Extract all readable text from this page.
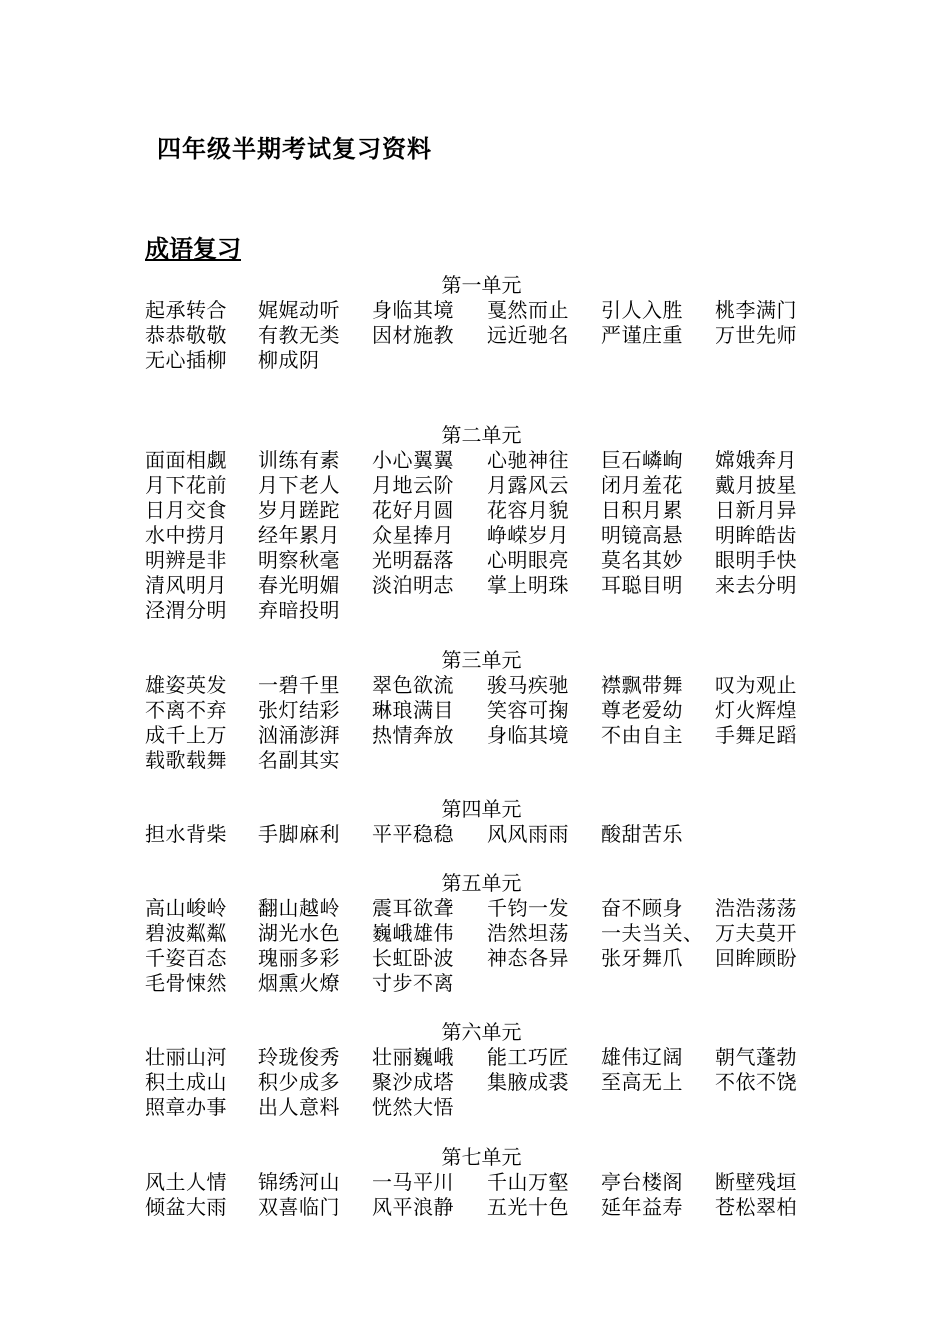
四年级半期考试复习资料
成语复习
第一单元
起承转合 娓娓动听 身临其境 戛然而止 引人入胜 桃李满门
恭恭敬敬 有教无类 因材施教 远近驰名 严谨庄重 万世先师
无心插柳 柳成阴
第二单元
面面相觑 训练有素 小心翼翼 心驰神往 巨石嶙峋 嫦娥奔月
月下花前 月下老人 月地云阶 月露风云 闭月羞花 戴月披星
日月交食 岁月蹉跎 花好月圆 花容月貌 日积月累 日新月异
水中捞月 经年累月 众星捧月 峥嵘岁月 明镜高悬 明眸皓齿
明辨是非 明察秋毫 光明磊落 心明眼亮 莫名其妙 眼明手快
清风明月 春光明媚 淡泊明志 掌上明珠 耳聪目明 来去分明
泾渭分明 弃暗投明
第三单元
雄姿英发 一碧千里 翠色欲流 骏马疾驰 襟飘带舞 叹为观止
不离不弃 张灯结彩 琳琅满目 笑容可掬 尊老爱幼 灯火辉煌
成千上万 汹涌澎湃 热情奔放 身临其境 不由自主 手舞足蹈
载歌载舞 名副其实
第四单元
担水背柴 手脚麻利 平平稳稳 风风雨雨 酸甜苦乐
第五单元
高山峻岭 翻山越岭 震耳欲聋 千钧一发 奋不顾身 浩浩荡荡
碧波粼粼 湖光水色 巍峨雄伟 浩然坦荡 一夫当关、 万夫莫开
千姿百态 瑰丽多彩 长虹卧波 神态各异 张牙舞爪 回眸顾盼
毛骨悚然 烟熏火燎 寸步不离
第六单元
壮丽山河 玲珑俊秀 壮丽巍峨 能工巧匠 雄伟辽阔 朝气蓬勃
积土成山 积少成多 聚沙成塔 集腋成裘 至高无上 不依不饶
照章办事 出人意料 恍然大悟
第七单元
风土人情 锦绣河山 一马平川 千山万壑 亭台楼阁 断壁残垣
倾盆大雨 双喜临门 风平浪静 五光十色 延年益寿 苍松翠柏
